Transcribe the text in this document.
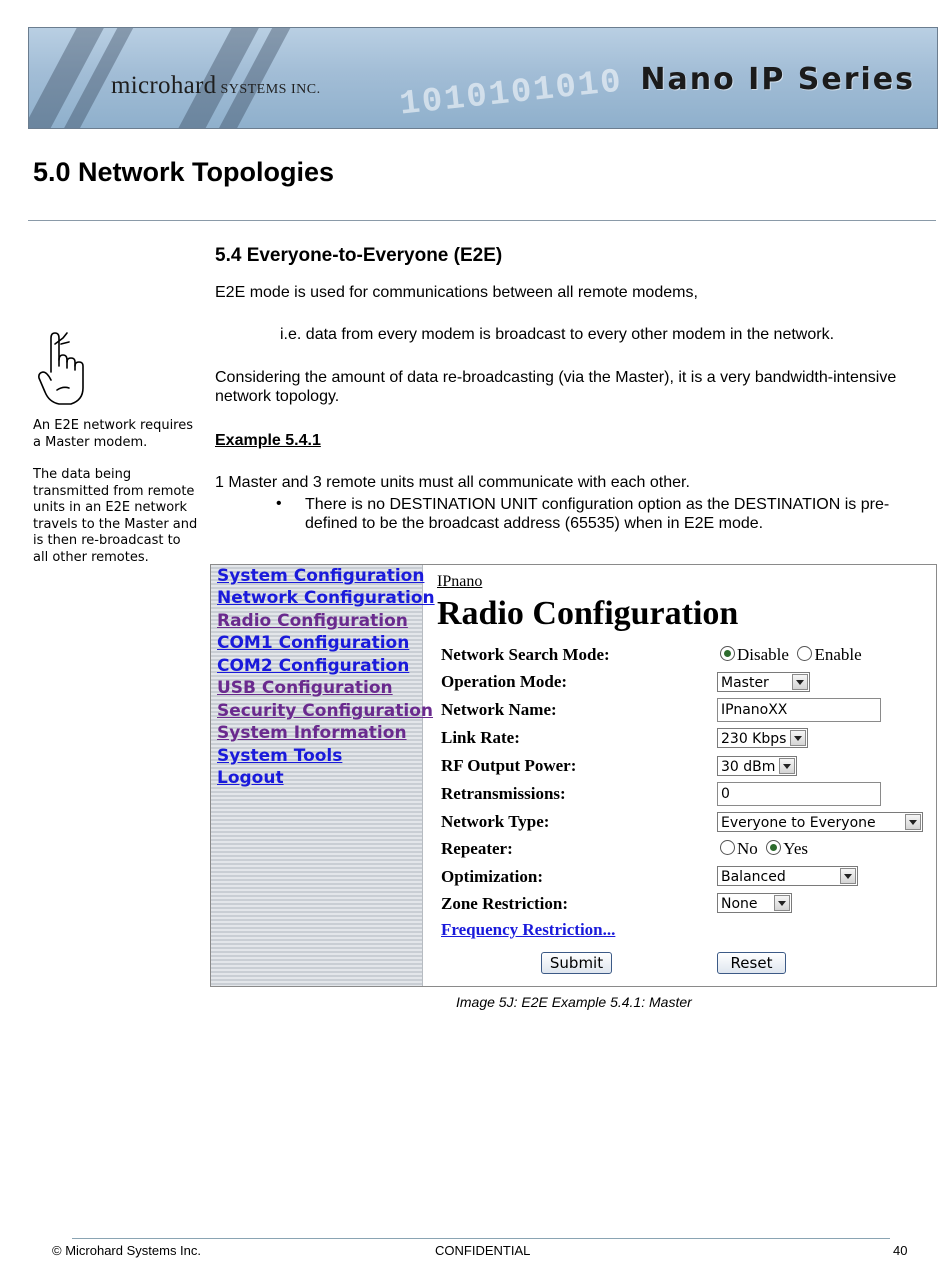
1010101010
microhard SYSTEMS INC.	Nano IP Series
5.0 Network Topologies
5.4 Everyone-to-Everyone (E2E)
E2E mode is used for communications between all remote modems,
i.e. data from every modem is broadcast to every other modem in the network.
Considering the amount of data re-broadcasting (via the Master), it is a very bandwidth-intensive network topology.
Example 5.4.1
1 Master and 3 remote units must all communicate with each other.
• There is no DESTINATION UNIT configuration option as the DESTINATION is pre-defined to be the broadcast address (65535) when in E2E mode.

An E2E network requires a Master modem.

The data being transmitted from remote units in an E2E network travels to the Master and is then re-broadcast to all other remotes.

System Configuration
Network Configuration
Radio Configuration
COM1 Configuration
COM2 Configuration
USB Configuration
Security Configuration
System Information
System Tools
Logout
IPnano
Radio Configuration
Network Search Mode:	Disable Enable
Operation Mode:	Master
Network Name:	IPnanoXX
Link Rate:	230 Kbps
RF Output Power:	30 dBm
Retransmissions:	0
Network Type:	Everyone to Everyone
Repeater:	No Yes
Optimization:	Balanced
Zone Restriction:	None
Frequency Restriction...
Submit	Reset
Image 5J: E2E Example 5.4.1: Master
© Microhard Systems Inc.	CONFIDENTIAL	40
